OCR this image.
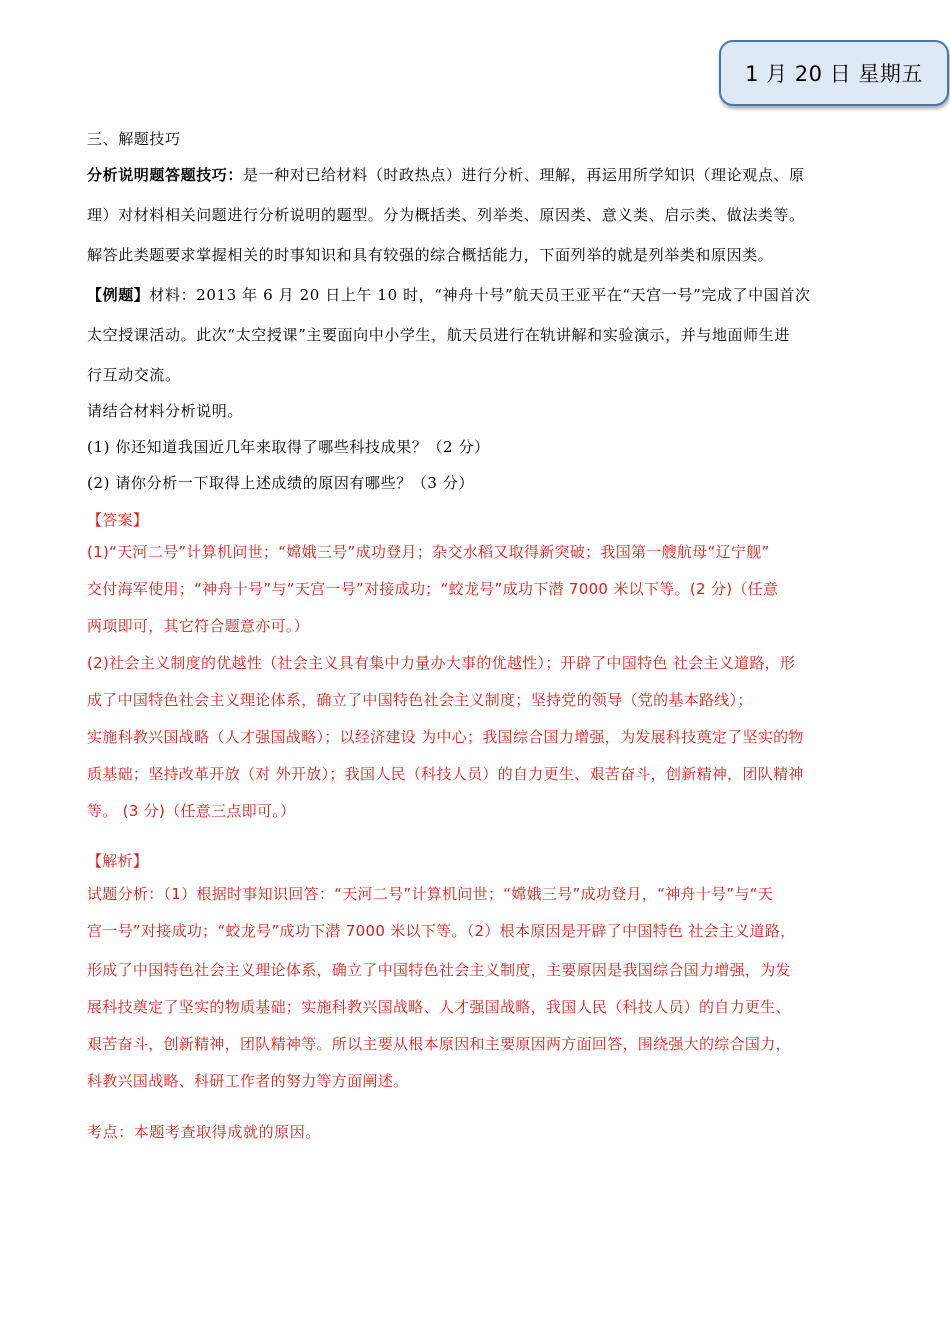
1 月 20 日 星期五
三、解题技巧
分析说明题答题技巧：是一种对已给材料（时政热点）进行分析、理解，再运用所学知识（理论观点、原
理）对材料相关问题进行分析说明的题型。分为概括类、列举类、原因类、意义类、启示类、做法类等。
解答此类题要求掌握相关的时事知识和具有较强的综合概括能力，下面列举的就是列举类和原因类。
【例题】材料：2013 年 6 月 20 日上午 10 时，“神舟十号”航天员王亚平在“天宫一号”完成了中国首次
太空授课活动。此次“太空授课”主要面向中小学生，航天员进行在轨讲解和实验演示，并与地面师生进
行互动交流。
请结合材料分析说明。
(1) 你还知道我国近几年来取得了哪些科技成果？（2 分）
(2) 请你分析一下取得上述成绩的原因有哪些？（3 分）
【答案】
(1)“天河二号”计算机问世；“嫦娥三号”成功登月；杂交水稻又取得新突破；我国第一艘航母“辽宁舰”
交付海军使用；“神舟十号”与“天宫一号”对接成功；“蛟龙号”成功下潜 7000 米以下等。(2 分)（任意
两项即可，其它符合题意亦可。）
(2)社会主义制度的优越性（社会主义具有集中力量办大事的优越性）；开辟了中国特色 社会主义道路，形
成了中国特色社会主义理论体系，确立了中国特色社会主义制度；坚持党的领导（党的基本路线）；
实施科教兴国战略（人才强国战略）；以经济建设 为中心；我国综合国力增强，为发展科技奠定了坚实的物
质基础；坚持改革开放（对 外开放）；我国人民（科技人员）的自力更生、艰苦奋斗，创新精神，团队精神
等。 (3 分)（任意三点即可。）
【解析】
试题分析：（1）根据时事知识回答：“天河二号”计算机问世；“嫦娥三号”成功登月，“神舟十号”与“天
宫一号”对接成功；“蛟龙号”成功下潜 7000 米以下等。（2）根本原因是开辟了中国特色 社会主义道路，
形成了中国特色社会主义理论体系，确立了中国特色社会主义制度，主要原因是我国综合国力增强，为发
展科技奠定了坚实的物质基础；实施科教兴国战略、人才强国战略，我国人民（科技人员）的自力更生、
艰苦奋斗，创新精神，团队精神等。所以主要从根本原因和主要原因两方面回答，围绕强大的综合国力，
科教兴国战略、科研工作者的努力等方面阐述。
考点：本题考查取得成就的原因。
